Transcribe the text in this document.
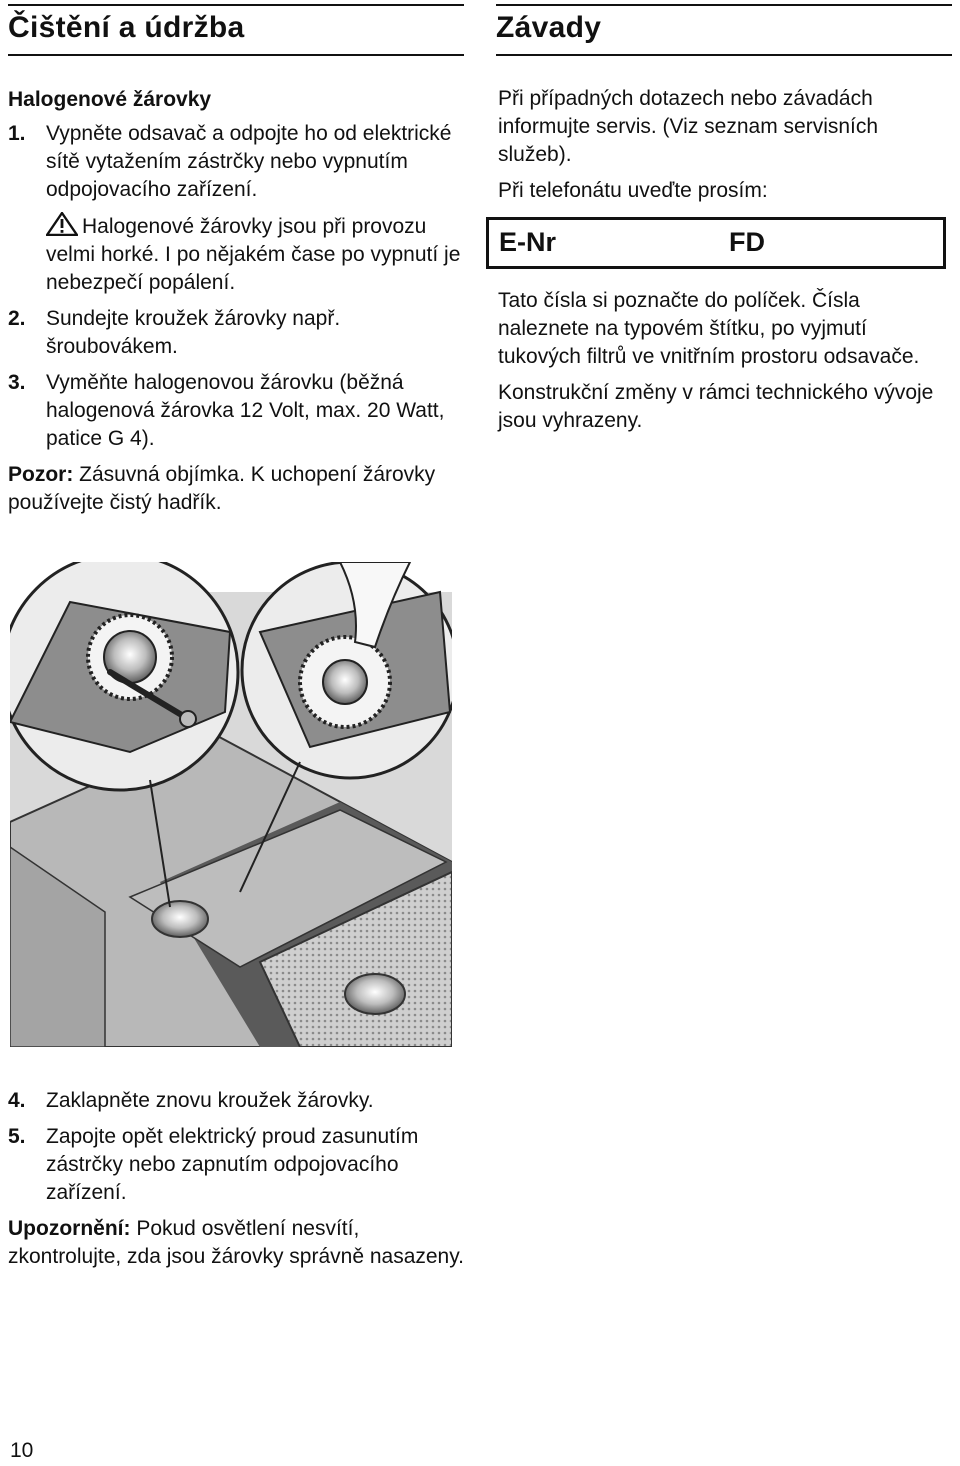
Čištění a údržba	Závady
Halogenové žárovky
1. Vypněte odsavač a odpojte ho od elektrické sítě vytažením zástrčky nebo vypnutím odpojovacího zařízení.
Halogenové žárovky jsou při provozu velmi horké. I po nějakém čase po vypnutí je nebezpečí popálení.
2. Sundejte kroužek žárovky např. šroubovákem.
3. Vyměňte halogenovou žárovku (běžná halogenová žárovka 12 Volt, max. 20 Watt, patice G 4).

Pozor: Zásuvná objímka. K uchopení žárovky používejte čistý hadřík.

Při případných dotazech nebo závadách informujte servis. (Viz seznam servisních služeb).

Při telefonátu uveďte prosím:

E-Nr	FD

Tato čísla si poznačte do políček. Čísla naleznete na typovém štítku, po vyjmutí tukových filtrů ve vnitřním prostoru odsavače.

Konstrukční změny v rámci technického vývoje jsou vyhrazeny.

4. Zaklapněte znovu kroužek žárovky.
5. Zapojte opět elektrický proud zasunutím zástrčky nebo zapnutím odpojovacího zařízení.

Upozornění: Pokud osvětlení nesvítí, zkontrolujte, zda jsou žárovky správně nasazeny.

10
